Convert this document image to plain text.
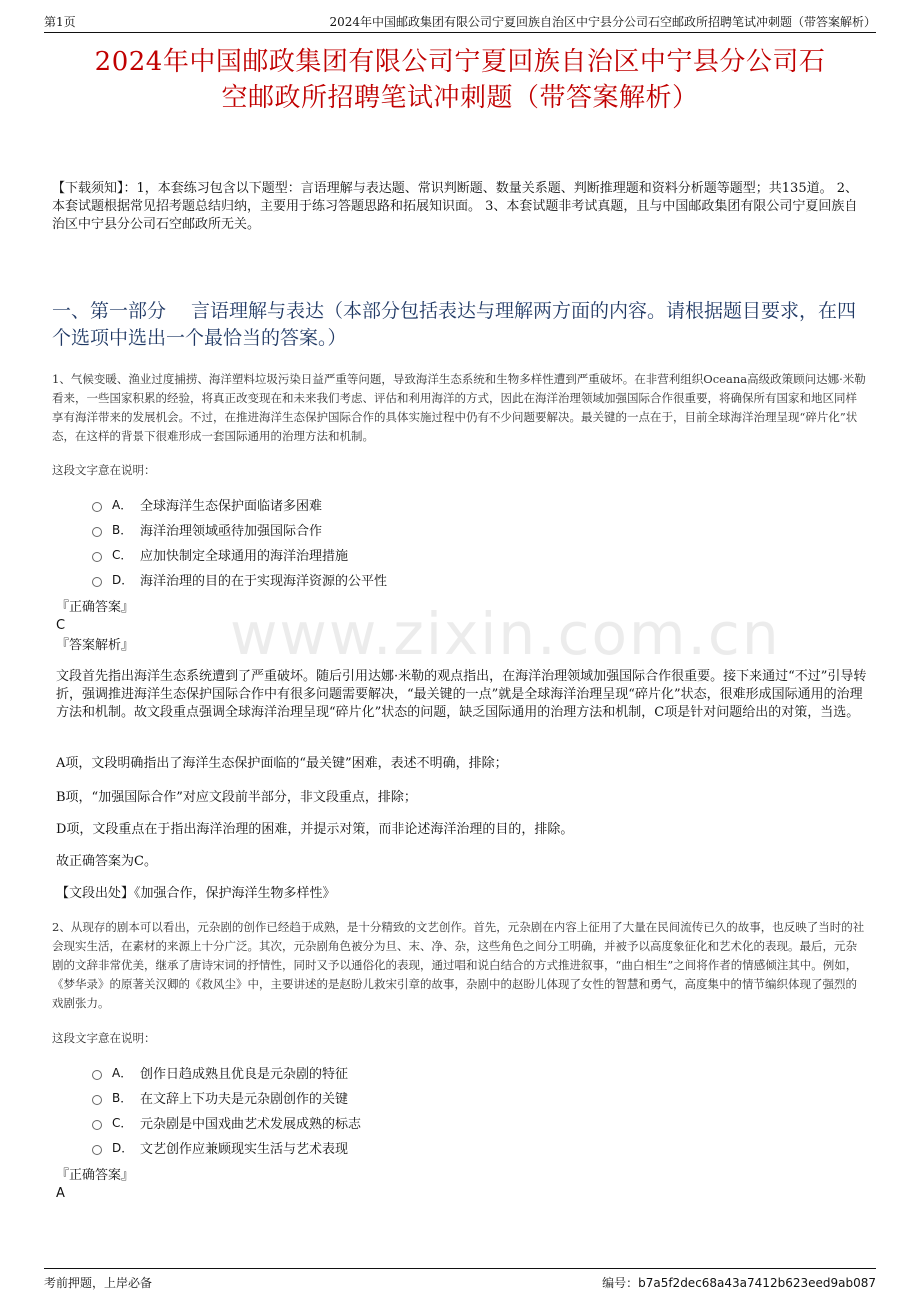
第1页	2024年中国邮政集团有限公司宁夏回族自治区中宁县分公司石空邮政所招聘笔试冲刺题（带答案解析）
2024年中国邮政集团有限公司宁夏回族自治区中宁县分公司石
空邮政所招聘笔试冲刺题（带答案解析）
【下载须知】：1，本套练习包含以下题型：言语理解与表达题、常识判断题、数量关系题、判断推理题和资料分析题等题型；共135道。 2、本套试题根据常见招考题总结归纳，主要用于练习答题思路和拓展知识面。 3、本套试题非考试真题，且与中国邮政集团有限公司宁夏回族自治区中宁县分公司石空邮政所无关。
一、第一部分　 言语理解与表达（本部分包括表达与理解两方面的内容。请根据题目要求，在四个选项中选出一个最恰当的答案。）
1、气候变暖、渔业过度捕捞、海洋塑料垃圾污染日益严重等问题，导致海洋生态系统和生物多样性遭到严重破坏。在非营利组织Oceana高级政策顾问达娜·米勒看来，一些国家积累的经验，将真正改变现在和未来我们考虑、评估和利用海洋的方式，因此在海洋治理领域加强国际合作很重要，将确保所有国家和地区同样享有海洋带来的发展机会。不过，在推进海洋生态保护国际合作的具体实施过程中仍有不少问题要解决。最关键的一点在于，目前全球海洋治理呈现“碎片化”状态，在这样的背景下很难形成一套国际通用的治理方法和机制。
这段文字意在说明：
A． 全球海洋生态保护面临诸多困难
B． 海洋治理领域亟待加强国际合作
C． 应加快制定全球通用的海洋治理措施
D． 海洋治理的目的在于实现海洋资源的公平性
『正确答案』
C
『答案解析』	www.zixin.com.cn
文段首先指出海洋生态系统遭到了严重破坏。随后引用达娜·米勒的观点指出，在海洋治理领域加强国际合作很重要。接下来通过“不过”引导转折，强调推进海洋生态保护国际合作中有很多问题需要解决，“最关键的一点”就是全球海洋治理呈现“碎片化”状态，很难形成国际通用的治理方法和机制。故文段重点强调全球海洋治理呈现“碎片化”状态的问题，缺乏国际通用的治理方法和机制，C项是针对问题给出的对策，当选。
A项，文段明确指出了海洋生态保护面临的“最关键”困难，表述不明确，排除；
B项，“加强国际合作”对应文段前半部分，非文段重点，排除；
D项，文段重点在于指出海洋治理的困难，并提示对策，而非论述海洋治理的目的，排除。
故正确答案为C。
【文段出处】《加强合作，保护海洋生物多样性》
2、从现存的剧本可以看出，元杂剧的创作已经趋于成熟，是十分精致的文艺创作。首先，元杂剧在内容上征用了大量在民间流传已久的故事，也反映了当时的社会现实生活，在素材的来源上十分广泛。其次，元杂剧角色被分为旦、末、净、杂，这些角色之间分工明确，并被予以高度象征化和艺术化的表现。最后，元杂剧的文辞非常优美，继承了唐诗宋词的抒情性，同时又予以通俗化的表现，通过唱和说白结合的方式推进叙事，“曲白相生”之间将作者的情感倾注其中。例如，《梦华录》的原著关汉卿的《救风尘》中，主要讲述的是赵盼儿救宋引章的故事，杂剧中的赵盼儿体现了女性的智慧和勇气，高度集中的情节编织体现了强烈的戏剧张力。
这段文字意在说明：
A． 创作日趋成熟且优良是元杂剧的特征
B． 在文辞上下功夫是元杂剧创作的关键
C． 元杂剧是中国戏曲艺术发展成熟的标志
D． 文艺创作应兼顾现实生活与艺术表现
『正确答案』
A
考前押题，上岸必备	编号：b7a5f2dec68a43a7412b623eed9ab087
